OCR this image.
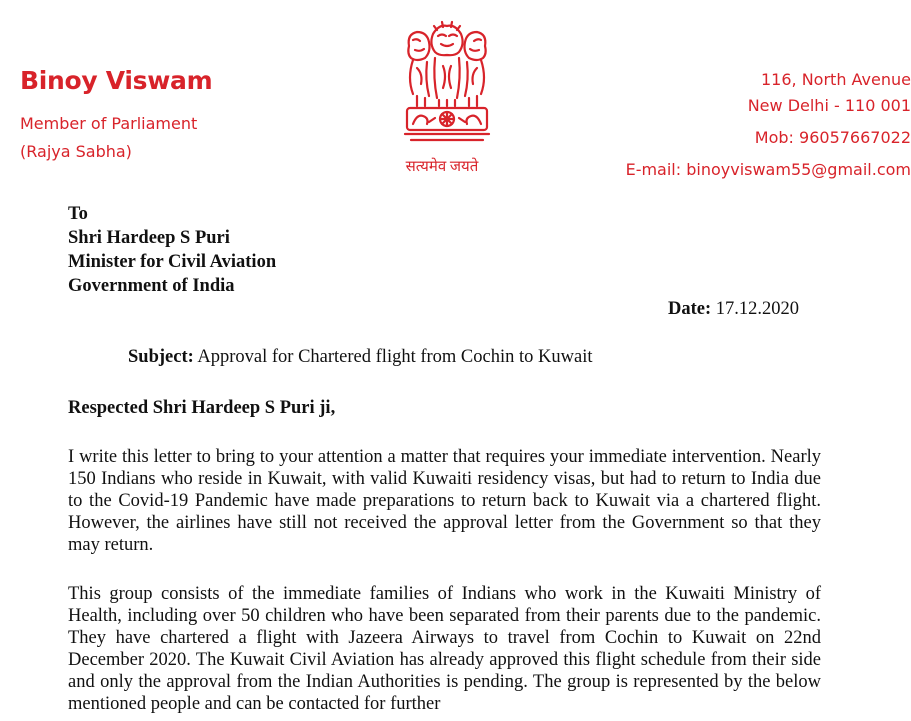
Binoy Viswam
Member of Parliament
(Rajya Sabha)
सत्यमेव जयते
116, North Avenue
New Delhi - 110 001
Mob: 96057667022
E-mail: binoyviswam55@gmail.com
To
Shri Hardeep S Puri
Minister for Civil Aviation
Government of India
Date: 17.12.2020
Subject: Approval for Chartered flight from Cochin to Kuwait
Respected Shri Hardeep S Puri ji,

I write this letter to bring to your attention a matter that requires your immediate intervention. Nearly 150 Indians who reside in Kuwait, with valid Kuwaiti residency visas, but had to return to India due to the Covid-19 Pandemic have made preparations to return back to Kuwait via a chartered flight. However, the airlines have still not received the approval letter from the Government so that they may return.

This group consists of the immediate families of Indians who work in the Kuwaiti Ministry of Health, including over 50 children who have been separated from their parents due to the pandemic. They have chartered a flight with Jazeera Airways to travel from Cochin to Kuwait on 22nd December 2020. The Kuwait Civil Aviation has already approved this flight schedule from their side and only the approval from the Indian Authorities is pending. The group is represented by the below mentioned people and can be contacted for further
